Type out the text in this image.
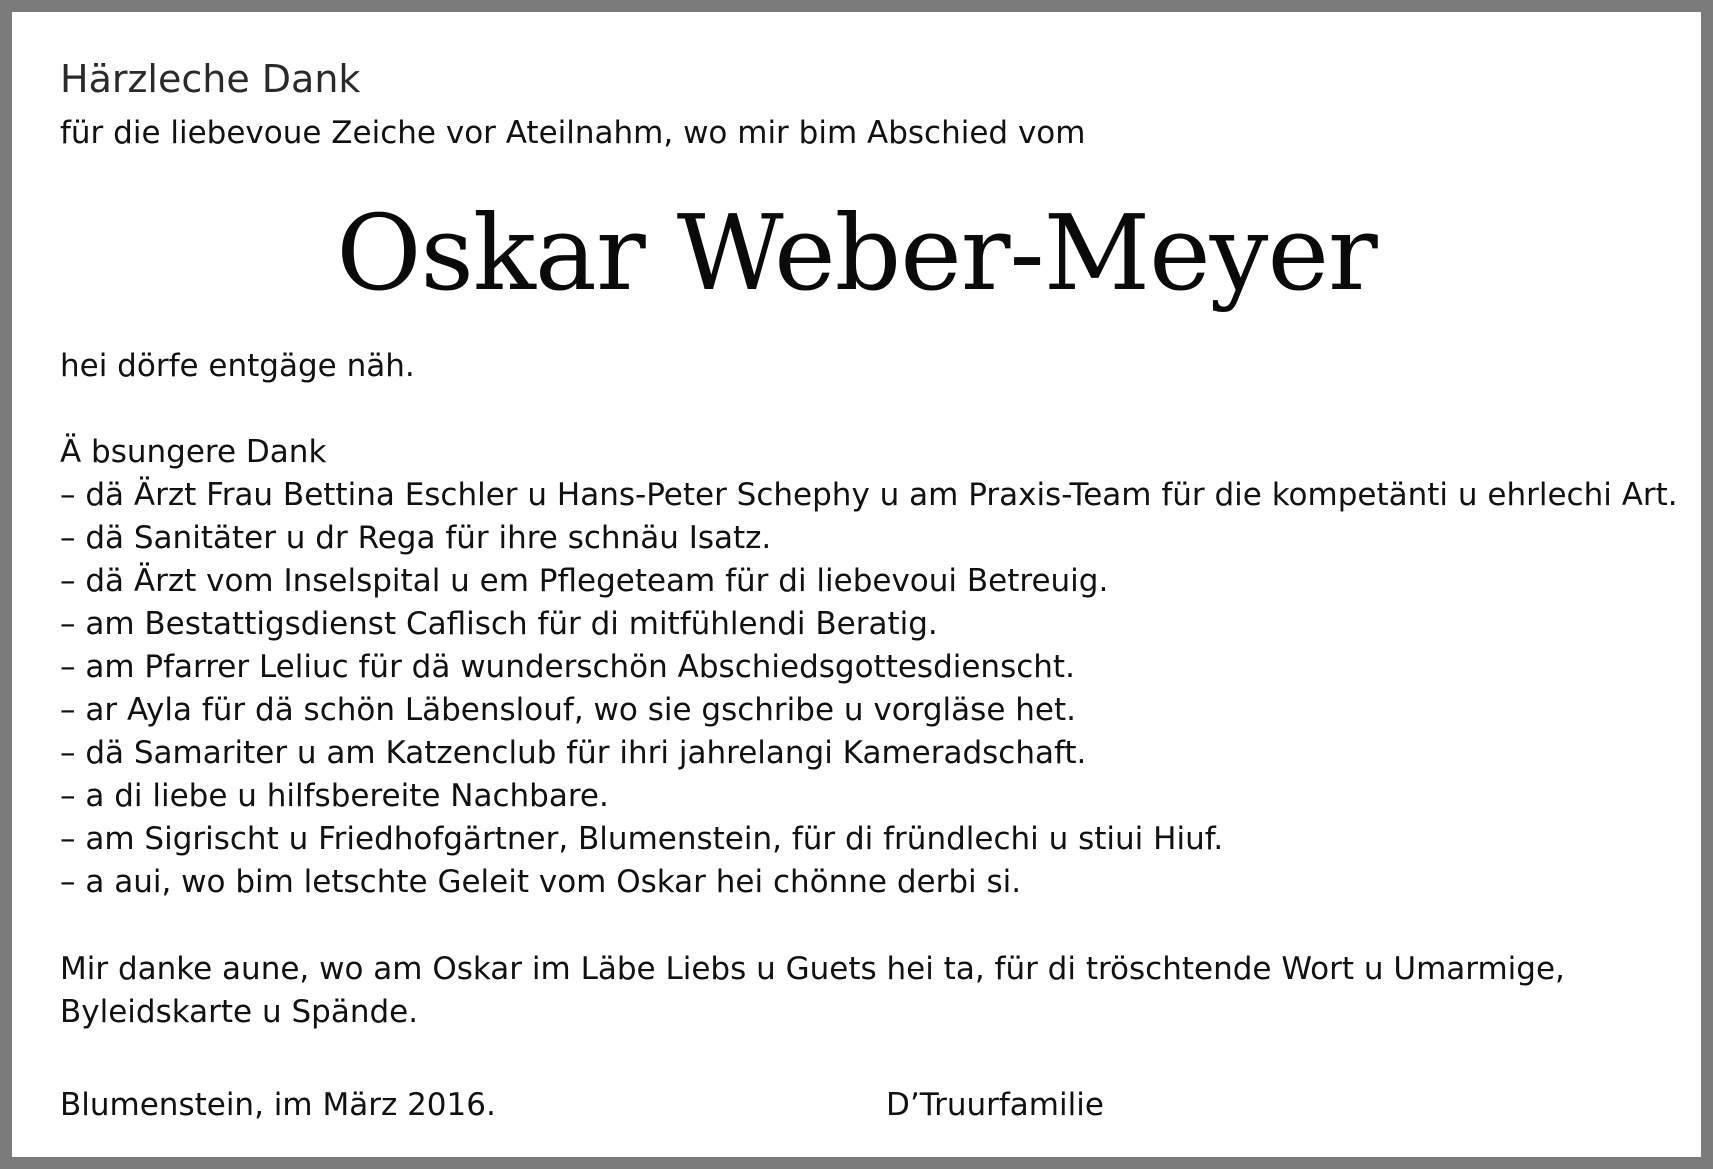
Härzleche Dank

für die liebevoue Zeiche vor Ateilnahm, wo mir bim Abschied vom

Oskar Weber-Meyer

hei dörfe entgäge näh.

Ä bsungere Dank

– dä Ärzt Frau Bettina Eschler u Hans-Peter Schephy u am Praxis-Team für die kompetänti u ehrlechi Art.
– dä Sanitäter u dr Rega für ihre schnäu Isatz.
– dä Ärzt vom Inselspital u em Pflegeteam für di liebevoui Betreuig.
– am Bestattigsdienst Caflisch für di mitfühlendi Beratig.
– am Pfarrer Leliuc für dä wunderschön Abschiedsgottesdienscht.
– ar Ayla für dä schön Läbenslouf, wo sie gschribe u vorgläse het.
– dä Samariter u am Katzenclub für ihri jahrelangi Kameradschaft.
– a di liebe u hilfsbereite Nachbare.
– am Sigrischt u Friedhofgärtner, Blumenstein, für di fründlechi u stiui Hiuf.
– a aui, wo bim letschte Geleit vom Oskar hei chönne derbi si.

Mir danke aune, wo am Oskar im Läbe Liebs u Guets hei ta, für di tröschtende Wort u Umarmige, Byleidskarte u Spände.

Blumenstein, im März 2016.	D’Truurfamilie
